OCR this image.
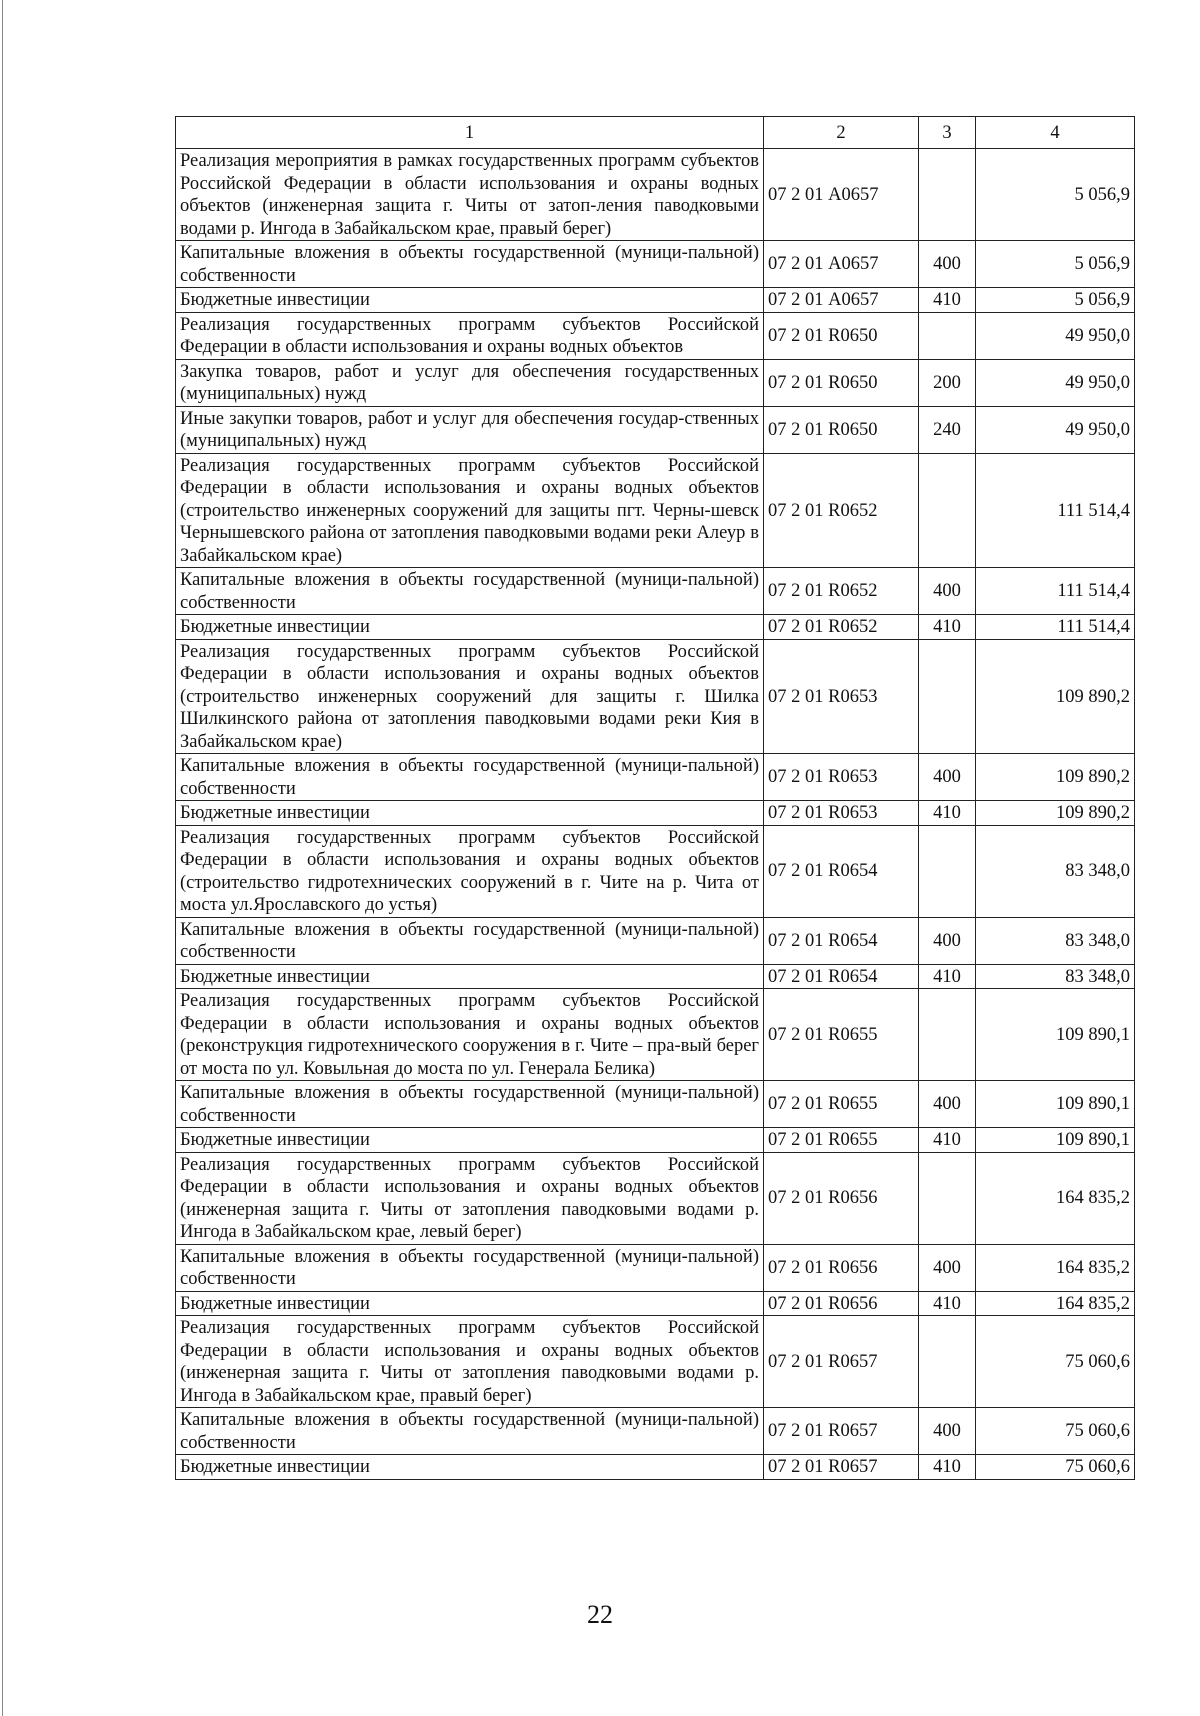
1	2	3	4
Реализация мероприятия в рамках государственных программ субъектов Российской Федерации в области использования и охраны водных объектов (инженерная защита г. Читы от затоп-ления паводковыми водами р. Ингода в Забайкальском крае, правый берег)	07 2 01 А0657		5 056,9
Капитальные вложения в объекты государственной (муници-пальной) собственности	07 2 01 А0657	400	5 056,9
Бюджетные инвестиции	07 2 01 А0657	410	5 056,9
Реализация государственных программ субъектов Российской Федерации в области использования и охраны водных объектов	07 2 01 R0650		49 950,0
Закупка товаров, работ и услуг для обеспечения государственных (муниципальных) нужд	07 2 01 R0650	200	49 950,0
Иные закупки товаров, работ и услуг для обеспечения государ-ственных (муниципальных) нужд	07 2 01 R0650	240	49 950,0
Реализация государственных программ субъектов Российской Федерации в области использования и охраны водных объектов (строительство инженерных сооружений для защиты пгт. Черны-шевск Чернышевского района от затопления паводковыми водами реки Алеур в Забайкальском крае)	07 2 01 R0652		111 514,4
Капитальные вложения в объекты государственной (муници-пальной) собственности	07 2 01 R0652	400	111 514,4
Бюджетные инвестиции	07 2 01 R0652	410	111 514,4
Реализация государственных программ субъектов Российской Федерации в области использования и охраны водных объектов (строительство инженерных сооружений для защиты г. Шилка Шилкинского района от затопления паводковыми водами реки Кия в Забайкальском крае)	07 2 01 R0653		109 890,2
Капитальные вложения в объекты государственной (муници-пальной) собственности	07 2 01 R0653	400	109 890,2
Бюджетные инвестиции	07 2 01 R0653	410	109 890,2
Реализация государственных программ субъектов Российской Федерации в области использования и охраны водных объектов (строительство гидротехнических сооружений в г. Чите на р. Чита от моста ул.Ярославского до устья)	07 2 01 R0654		83 348,0
Капитальные вложения в объекты государственной (муници-пальной) собственности	07 2 01 R0654	400	83 348,0
Бюджетные инвестиции	07 2 01 R0654	410	83 348,0
Реализация государственных программ субъектов Российской Федерации в области использования и охраны водных объектов (реконструкция гидротехнического сооружения в г. Чите – пра-вый берег от моста по ул. Ковыльная до моста по ул. Генерала Белика)	07 2 01 R0655		109 890,1
Капитальные вложения в объекты государственной (муници-пальной) собственности	07 2 01 R0655	400	109 890,1
Бюджетные инвестиции	07 2 01 R0655	410	109 890,1
Реализация государственных программ субъектов Российской Федерации в области использования и охраны водных объектов (инженерная защита г. Читы от затопления паводковыми водами р. Ингода в Забайкальском крае, левый берег)	07 2 01 R0656		164 835,2
Капитальные вложения в объекты государственной (муници-пальной) собственности	07 2 01 R0656	400	164 835,2
Бюджетные инвестиции	07 2 01 R0656	410	164 835,2
Реализация государственных программ субъектов Российской Федерации в области использования и охраны водных объектов (инженерная защита г. Читы от затопления паводковыми водами р. Ингода в Забайкальском крае, правый берег)	07 2 01 R0657		75 060,6
Капитальные вложения в объекты государственной (муници-пальной) собственности	07 2 01 R0657	400	75 060,6
Бюджетные инвестиции	07 2 01 R0657	410	75 060,6
22
